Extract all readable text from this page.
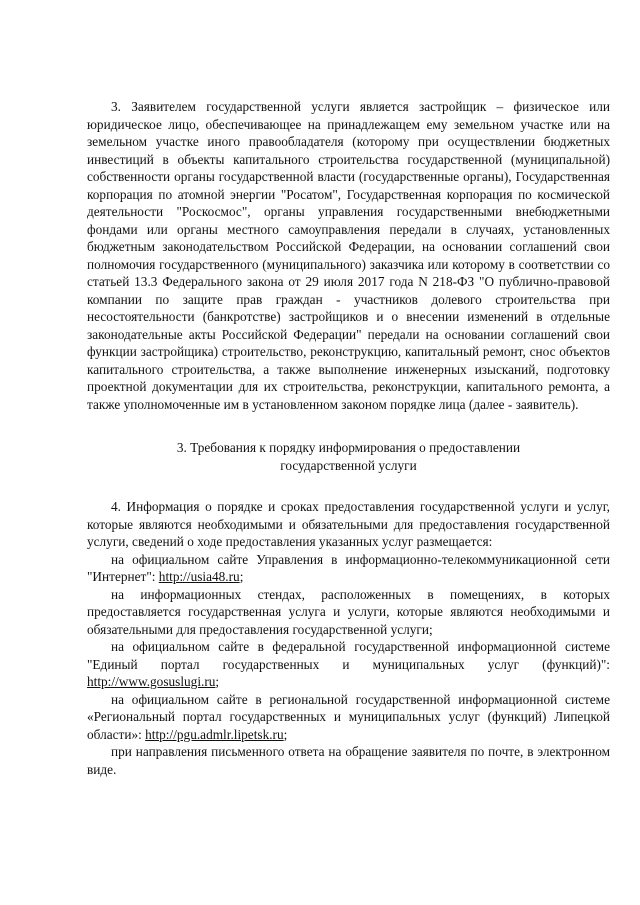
3. Заявителем государственной услуги является застройщик – физическое или юридическое лицо, обеспечивающее на принадлежащем ему земельном участке или на земельном участке иного правообладателя (которому при осуществлении бюджетных инвестиций в объекты капитального строительства государственной (муниципальной) собственности органы государственной власти (государственные органы), Государственная корпорация по атомной энергии "Росатом", Государственная корпорация по космической деятельности "Роскосмос", органы управления государственными внебюджетными фондами или органы местного самоуправления передали в случаях, установленных бюджетным законодательством Российской Федерации, на основании соглашений свои полномочия государственного (муниципального) заказчика или которому в соответствии со статьей 13.3 Федерального закона от 29 июля 2017 года N 218-ФЗ "О публично-правовой компании по защите прав граждан - участников долевого строительства при несостоятельности (банкротстве) застройщиков и о внесении изменений в отдельные законодательные акты Российской Федерации" передали на основании соглашений свои функции застройщика) строительство, реконструкцию, капитальный ремонт, снос объектов капитального строительства, а также выполнение инженерных изысканий, подготовку проектной документации для их строительства, реконструкции, капитального ремонта, а также уполномоченные им в установленном законом порядке лица (далее - заявитель).

3. Требования к порядку информирования о предоставлении
государственной услуги

4. Информация о порядке и сроках предоставления государственной услуги и услуг, которые являются необходимыми и обязательными для предоставления государственной услуги, сведений о ходе предоставления указанных услуг размещается:

на официальном сайте Управления в информационно-телекоммуникационной сети "Интернет": http://usia48.ru;

на информационных стендах, расположенных в помещениях, в которых предоставляется государственная услуга и услуги, которые являются необходимыми и обязательными для предоставления государственной услуги;

на официальном сайте в федеральной государственной информационной системе "Единый портал государственных и муниципальных услуг (функций)": http://www.gosuslugi.ru;

на официальном сайте в региональной государственной информационной системе «Региональный портал государственных и муниципальных услуг (функций) Липецкой области»: http://pgu.admlr.lipetsk.ru;

при направления письменного ответа на обращение заявителя по почте, в электронном виде.
